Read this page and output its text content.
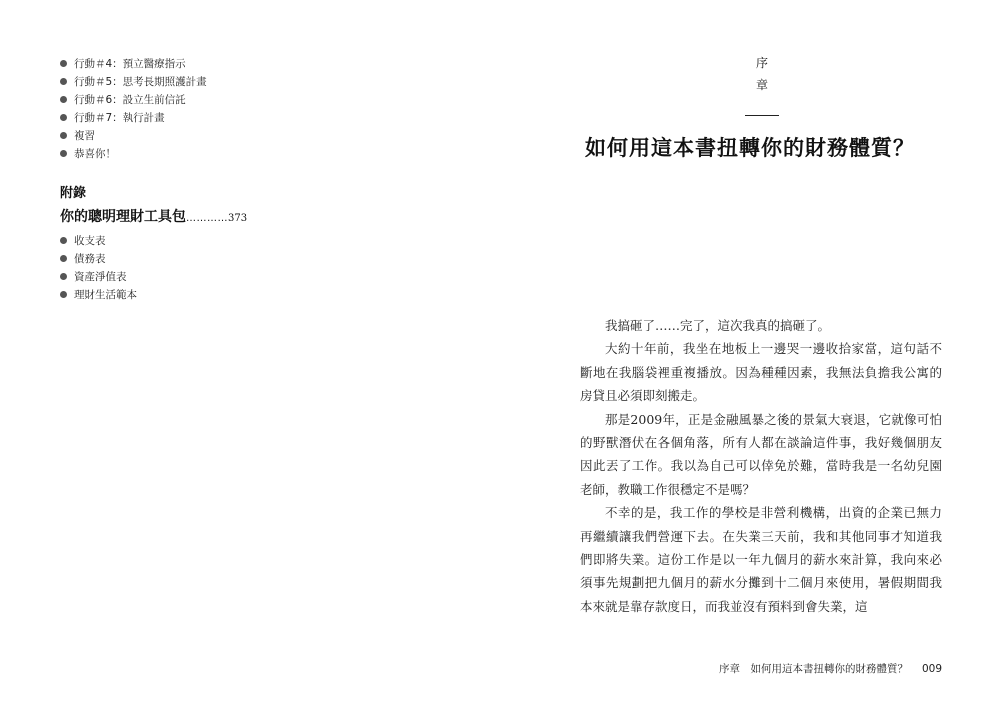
行動＃4：預立醫療指示
行動＃5：思考長期照護計畫
行動＃6：設立生前信託
行動＃7：執行計畫
複習
恭喜你！
附錄
你的聰明理財工具包…………373
收支表
債務表
資產淨值表
理財生活範本
序
章
如何用這本書扭轉你的財務體質？

我搞砸了……完了，這次我真的搞砸了。

大約十年前，我坐在地板上一邊哭一邊收拾家當，這句話不斷地在我腦袋裡重複播放。因為種種因素，我無法負擔我公寓的房貸且必須即刻搬走。

那是2009年，正是金融風暴之後的景氣大衰退，它就像可怕的野獸潛伏在各個角落，所有人都在談論這件事，我好幾個朋友因此丟了工作。我以為自己可以倖免於難，當時我是一名幼兒園老師，教職工作很穩定不是嗎？

不幸的是，我工作的學校是非營利機構，出資的企業已無力再繼續讓我們營運下去。在失業三天前，我和其他同事才知道我們即將失業。這份工作是以一年九個月的薪水來計算，我向來必須事先規劃把九個月的薪水分攤到十二個月來使用，暑假期間我本來就是靠存款度日，而我並沒有預料到會失業，這

序章　如何用這本書扭轉你的財務體質？ 009
